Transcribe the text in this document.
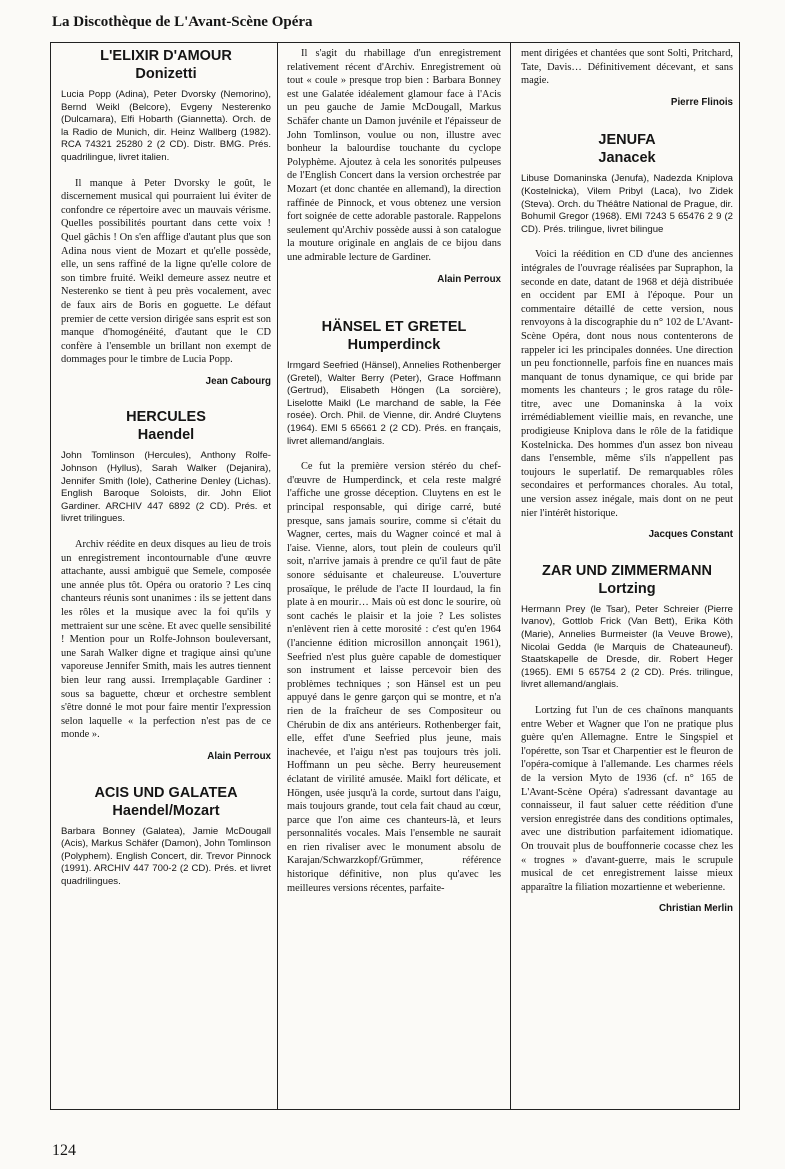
La Discothèque de L'Avant-Scène Opéra
L'ELIXIR D'AMOUR
Donizetti

Lucia Popp (Adina), Peter Dvorsky (Nemorino), Bernd Weikl (Belcore), Evgeny Nesterenko (Dulcamara), Elfi Hobarth (Giannetta). Orch. de la Radio de Munich, dir. Heinz Wallberg (1982). RCA 74321 25280 2 (2 CD). Distr. BMG. Prés. quadrilingue, livret italien.

Il manque à Peter Dvorsky le goût, le discernement musical qui pourraient lui éviter de confondre ce répertoire avec un mauvais vérisme. Quelles possibilités pourtant dans cette voix ! Quel gâchis ! On s'en afflige d'autant plus que son Adina nous vient de Mozart et qu'elle possède, elle, un sens raffiné de la ligne qu'elle colore de son timbre fruité. Weikl demeure assez neutre et Nesterenko se tient à peu près vocalement, avec de faux airs de Boris en goguette. Le défaut premier de cette version dirigée sans esprit est son manque d'homogénéité, d'autant que le CD confère à l'ensemble un brillant non exempt de dommages pour le timbre de Lucia Popp.

Jean Cabourg
HERCULES
Haendel

John Tomlinson (Hercules), Anthony Rolfe-Johnson (Hyllus), Sarah Walker (Dejanira), Jennifer Smith (Iole), Catherine Denley (Lichas). English Baroque Soloists, dir. John Eliot Gardiner. ARCHIV 447 6892 (2 CD). Prés. et livret trilingues.

Archiv réédite en deux disques au lieu de trois un enregistrement incontournable d'une œuvre attachante, aussi ambiguë que Semele, composée une année plus tôt. Opéra ou oratorio ? Les cinq chanteurs réunis sont unanimes : ils se jettent dans les rôles et la musique avec la foi qu'ils y mettraient sur une scène. Et avec quelle sensibilité ! Mention pour un Rolfe-Johnson bouleversant, une Sarah Walker digne et tragique ainsi qu'une vaporeuse Jennifer Smith, mais les autres tiennent bien leur rang aussi. Irremplaçable Gardiner : sous sa baguette, chœur et orchestre semblent s'être donné le mot pour faire mentir l'expression selon laquelle « la perfection n'est pas de ce monde ».

Alain Perroux
ACIS UND GALATEA
Haendel/Mozart

Barbara Bonney (Galatea), Jamie McDougall (Acis), Markus Schäfer (Damon), John Tomlinson (Polyphem). English Concert, dir. Trevor Pinnock (1991). ARCHIV 447 700-2 (2 CD). Prés. et livret quadrilingues.

Il s'agit du rhabillage d'un enregistrement relativement récent d'Archiv. Enregistrement où tout « coule » presque trop bien : Barbara Bonney est une Galatée idéalement glamour face à l'Acis un peu gauche de Jamie McDougall, Markus Schäfer chante un Damon juvénile et l'épaisseur de John Tomlinson, voulue ou non, illustre avec bonheur la balourdise touchante du cyclope Polyphème. Ajoutez à cela les sonorités pulpeuses de l'English Concert dans la version orchestrée par Mozart (et donc chantée en allemand), la direction raffinée de Pinnock, et vous obtenez une version fort soignée de cette adorable pastorale. Rappelons seulement qu'Archiv possède aussi à son catalogue la mouture originale en anglais de ce bijou dans une admirable lecture de Gardiner.

Alain Perroux
HÄNSEL ET GRETEL
Humperdinck

Irmgard Seefried (Hänsel), Annelies Rothenberger (Gretel), Walter Berry (Peter), Grace Hoffmann (Gertrud), Elisabeth Höngen (La sorcière), Liselotte Maikl (Le marchand de sable, la Fée rosée). Orch. Phil. de Vienne, dir. André Cluytens (1964). EMI 5 65661 2 (2 CD). Prés. en français, livret allemand/anglais.

Ce fut la première version stéréo du chef-d'œuvre de Humperdinck, et cela reste malgré l'affiche une grosse déception. Cluytens en est le principal responsable, qui dirige carré, buté presque, sans jamais sourire, comme si c'était du Wagner, certes, mais du Wagner coincé et mal à l'aise. Vienne, alors, tout plein de couleurs qu'il soit, n'arrive jamais à prendre ce qu'il faut de pâte sonore séduisante et chaleureuse. L'ouverture prosaïque, le prélude de l'acte II lourdaud, la fin plate à en mourir… Mais où est donc le sourire, où sont cachés le plaisir et la joie ? Les solistes n'enlèvent rien à cette morosité : c'est qu'en 1964 (l'ancienne édition microsillon annonçait 1961), Seefried n'est plus guère capable de domestiquer son instrument et laisse percevoir bien des problèmes techniques ; son Hänsel est un peu appuyé dans le genre garçon qui se montre, et n'a rien de la fraîcheur de ses Compositeur ou Chérubin de dix ans antérieurs. Rothenberger fait, elle, effet d'une Seefried plus jeune, mais inachevée, et l'aigu n'est pas toujours très joli. Hoffmann un peu sèche. Berry heureusement éclatant de virilité amusée. Maikl fort délicate, et Höngen, usée jusqu'à la corde, surtout dans l'aigu, mais toujours grande, tout cela fait chaud au cœur, parce que l'on aime ces chanteurs-là, et leurs personnalités vocales. Mais l'ensemble ne saurait en rien rivaliser avec le monument absolu de Karajan/Schwarzkopf/Grümmer, référence historique définitive, non plus qu'avec les meilleures versions récentes, parfaite-

ment dirigées et chantées que sont Solti, Pritchard, Tate, Davis… Définitivement décevant, et sans magie.

Pierre Flinois
JENUFA
Janacek

Libuse Domaninska (Jenufa), Nadezda Kniplova (Kostelnicka), Vilem Pribyl (Laca), Ivo Zidek (Steva). Orch. du Théâtre National de Prague, dir. Bohumil Gregor (1968). EMI 7243 5 65476 2 9 (2 CD). Prés. trilingue, livret bilingue

Voici la réédition en CD d'une des anciennes intégrales de l'ouvrage réalisées par Supraphon, la seconde en date, datant de 1968 et déjà distribuée en occident par EMI à l'époque. Pour un commentaire détaillé de cette version, nous renvoyons à la discographie du n° 102 de L'Avant-Scène Opéra, dont nous nous contenterons de rappeler ici les principales données. Une direction un peu fonctionnelle, parfois fine en nuances mais manquant de tonus dynamique, ce qui bride par moments les chanteurs ; le gros ratage du rôle-titre, avec une Domaninska à la voix irrémédiablement vieillie mais, en revanche, une prodigieuse Kniplova dans le rôle de la fatidique Kostelnicka. Des hommes d'un assez bon niveau dans l'ensemble, même s'ils n'appellent pas toujours le superlatif. De remarquables rôles secondaires et performances chorales. Au total, une version assez inégale, mais dont on ne peut nier l'intérêt historique.

Jacques Constant
ZAR UND ZIMMERMANN
Lortzing

Hermann Prey (le Tsar), Peter Schreier (Pierre Ivanov), Gottlob Frick (Van Bett), Erika Köth (Marie), Annelies Burmeister (la Veuve Browe), Nicolai Gedda (le Marquis de Chateauneuf). Staatskapelle de Dresde, dir. Robert Heger (1965). EMI 5 65754 2 (2 CD). Prés. trilingue, livret allemand/anglais.

Lortzing fut l'un de ces chaînons manquants entre Weber et Wagner que l'on ne pratique plus guère qu'en Allemagne. Entre le Singspiel et l'opérette, son Tsar et Charpentier est le fleuron de l'opéra-comique à l'allemande. Les charmes réels de la version Myto de 1936 (cf. n° 165 de L'Avant-Scène Opéra) s'adressant davantage au connaisseur, il faut saluer cette réédition d'une version enregistrée dans des conditions optimales, avec une distribution parfaitement idiomatique. On trouvait plus de bouffonnerie cocasse chez les « trognes » d'avant-guerre, mais le scrupule musical de cet enregistrement laisse mieux apparaître la filiation mozartienne et weberienne.

Christian Merlin
124
